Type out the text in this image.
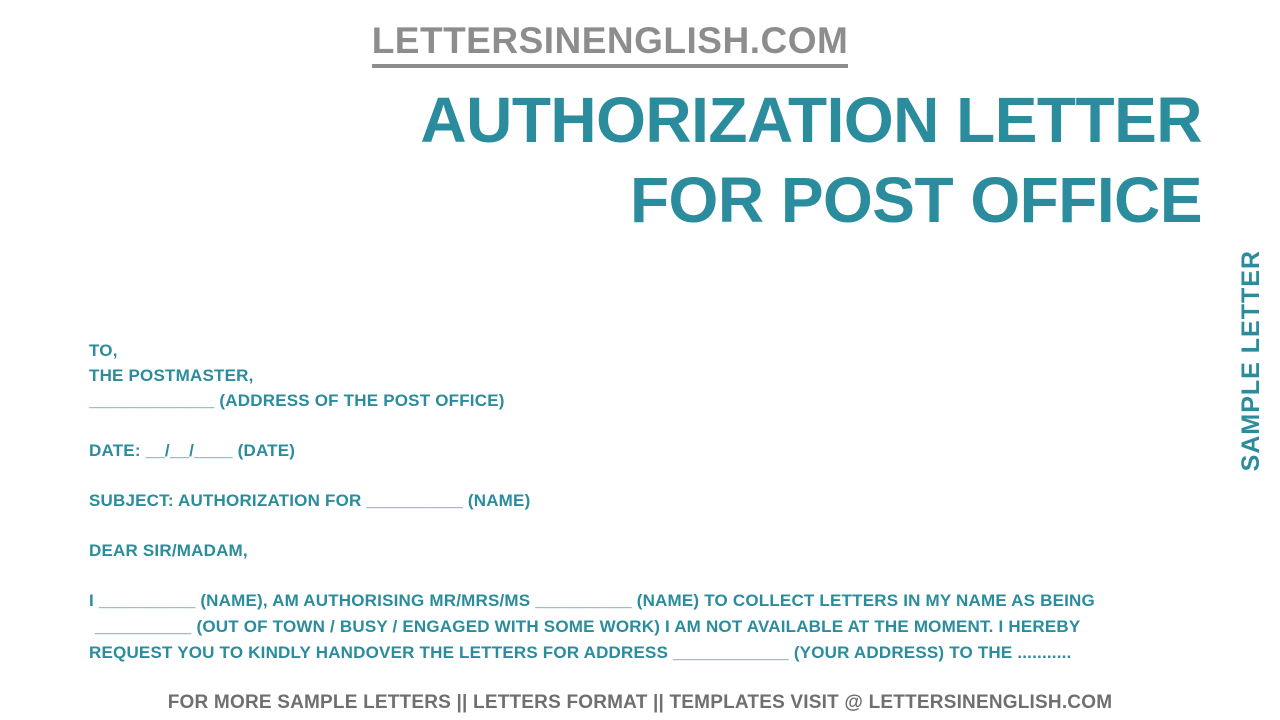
LETTERSINENGLISH.COM
AUTHORIZATION LETTER
FOR POST OFFICE
SAMPLE LETTER
TO,
THE POSTMASTER,
_____________ (ADDRESS OF THE POST OFFICE)
DATE: __/__/____ (DATE)
SUBJECT: AUTHORIZATION FOR __________ (NAME)
DEAR SIR/MADAM,
I __________ (NAME), AM AUTHORISING MR/MRS/MS __________ (NAME) TO COLLECT LETTERS IN MY NAME AS BEING
__________ (OUT OF TOWN / BUSY / ENGAGED WITH SOME WORK) I AM NOT AVAILABLE AT THE MOMENT. I HEREBY
REQUEST YOU TO KINDLY HANDOVER THE LETTERS FOR ADDRESS ____________ (YOUR ADDRESS) TO THE ...........
FOR MORE SAMPLE LETTERS || LETTERS FORMAT || TEMPLATES VISIT @ LETTERSINENGLISH.COM
